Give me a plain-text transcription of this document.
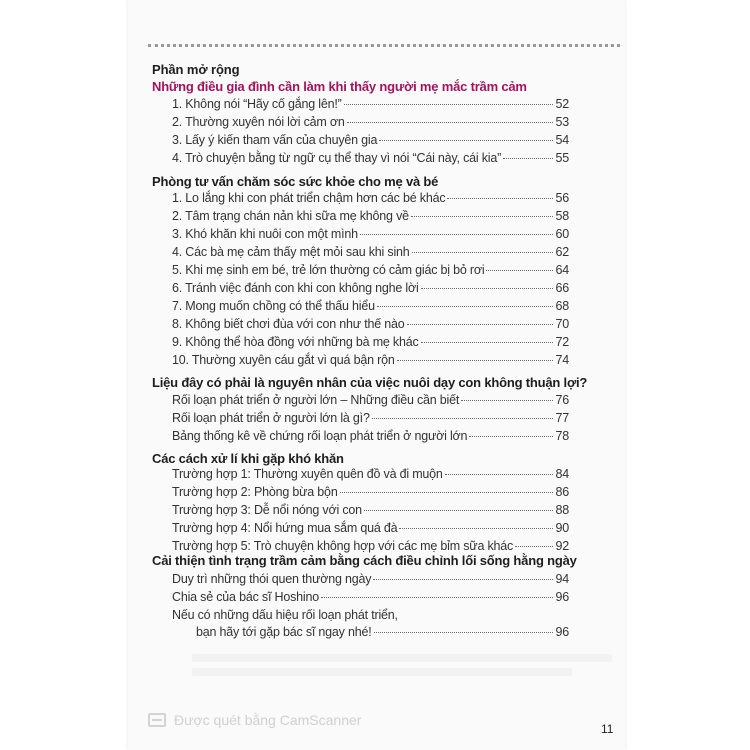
Phần mở rộng
Những điều gia đình cần làm khi thấy người mẹ mắc trầm cảm
1. Không nói “Hãy cố gắng lên!”	52
2. Thường xuyên nói lời cảm ơn	53
3. Lấy ý kiến tham vấn của chuyên gia	54
4. Trò chuyện bằng từ ngữ cụ thể thay vì nói “Cái này, cái kia”	55
Phòng tư vấn chăm sóc sức khỏe cho mẹ và bé
1. Lo lắng khi con phát triển chậm hơn các bé khác	56
2. Tâm trạng chán nản khi sữa mẹ không về	58
3. Khó khăn khi nuôi con một mình	60
4. Các bà mẹ cảm thấy mệt mỏi sau khi sinh	62
5. Khi mẹ sinh em bé, trẻ lớn thường có cảm giác bị bỏ rơi	64
6. Tránh việc đánh con khi con không nghe lời	66
7. Mong muốn chồng có thể thấu hiểu	68
8. Không biết chơi đùa với con như thế nào	70
9. Không thể hòa đồng với những bà mẹ khác	72
10. Thường xuyên cáu gắt vì quá bận rộn	74
Liệu đây có phải là nguyên nhân của việc nuôi dạy con không thuận lợi?
Rối loạn phát triển ở người lớn – Những điều cần biết	76
Rối loạn phát triển ở người lớn là gì?	77
Bảng thống kê về chứng rối loạn phát triển ở người lớn	78
Các cách xử lí khi gặp khó khăn
Trường hợp 1: Thường xuyên quên đồ và đi muộn	84
Trường hợp 2: Phòng bừa bộn	86
Trường hợp 3: Dễ nổi nóng với con	88
Trường hợp 4: Nổi hứng mua sắm quá đà	90
Trường hợp 5: Trò chuyện không hợp với các mẹ bỉm sữa khác	92
Cải thiện tình trạng trầm cảm bằng cách điều chỉnh lối sống hằng ngày
Duy trì những thói quen thường ngày	94
Chia sẻ của bác sĩ Hoshino	96
Nếu có những dấu hiệu rối loạn phát triển,
bạn hãy tới gặp bác sĩ ngay nhé!	96
Được quét bằng CamScanner
11
